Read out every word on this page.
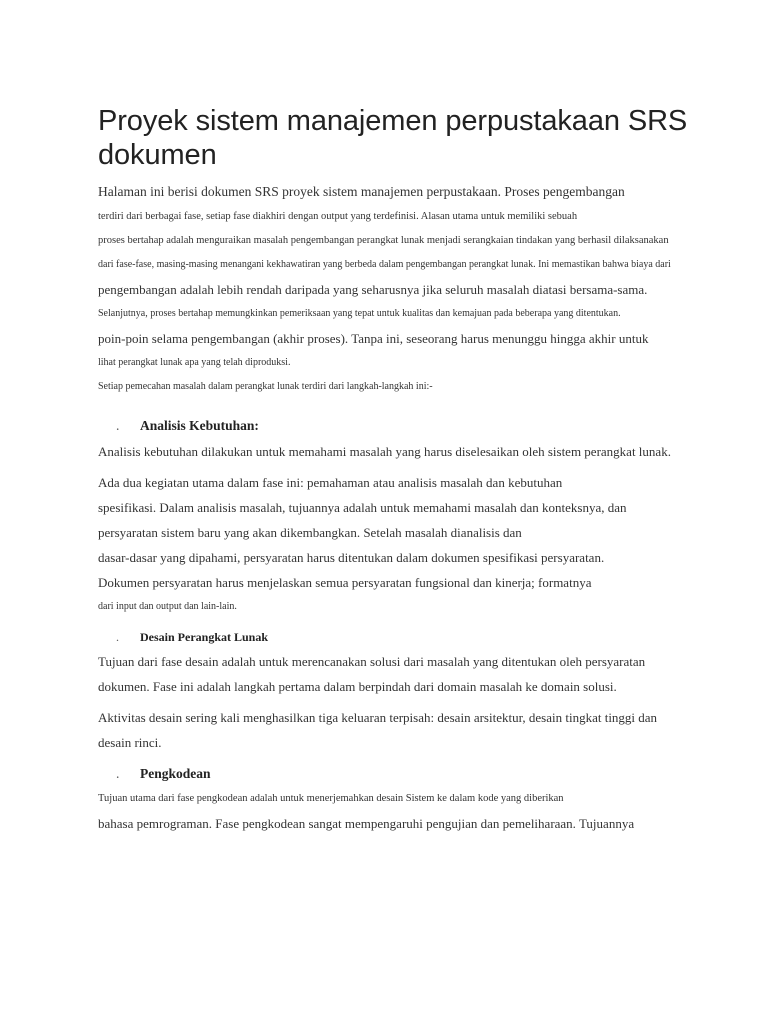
Proyek sistem manajemen perpustakaan SRS
dokumen

Halaman ini berisi dokumen SRS proyek sistem manajemen perpustakaan. Proses pengembangan

terdiri dari berbagai fase, setiap fase diakhiri dengan output yang terdefinisi. Alasan utama untuk memiliki sebuah

proses bertahap adalah menguraikan masalah pengembangan perangkat lunak menjadi serangkaian tindakan yang berhasil dilaksanakan

dari fase-fase, masing-masing menangani kekhawatiran yang berbeda dalam pengembangan perangkat lunak. Ini memastikan bahwa biaya dari

pengembangan adalah lebih rendah daripada yang seharusnya jika seluruh masalah diatasi bersama-sama.

Selanjutnya, proses bertahap memungkinkan pemeriksaan yang tepat untuk kualitas dan kemajuan pada beberapa yang ditentukan.

poin-poin selama pengembangan (akhir proses). Tanpa ini, seseorang harus menunggu hingga akhir untuk

lihat perangkat lunak apa yang telah diproduksi.

Setiap pemecahan masalah dalam perangkat lunak terdiri dari langkah-langkah ini:-

. Analisis Kebutuhan:

Analisis kebutuhan dilakukan untuk memahami masalah yang harus diselesaikan oleh sistem perangkat lunak.

Ada dua kegiatan utama dalam fase ini: pemahaman atau analisis masalah dan kebutuhan

spesifikasi. Dalam analisis masalah, tujuannya adalah untuk memahami masalah dan konteksnya, dan

persyaratan sistem baru yang akan dikembangkan. Setelah masalah dianalisis dan

dasar-dasar yang dipahami, persyaratan harus ditentukan dalam dokumen spesifikasi persyaratan.

Dokumen persyaratan harus menjelaskan semua persyaratan fungsional dan kinerja; formatnya

dari input dan output dan lain-lain.

. Desain Perangkat Lunak

Tujuan dari fase desain adalah untuk merencanakan solusi dari masalah yang ditentukan oleh persyaratan

dokumen. Fase ini adalah langkah pertama dalam berpindah dari domain masalah ke domain solusi.

Aktivitas desain sering kali menghasilkan tiga keluaran terpisah: desain arsitektur, desain tingkat tinggi dan

desain rinci.

. Pengkodean

Tujuan utama dari fase pengkodean adalah untuk menerjemahkan desain Sistem ke dalam kode yang diberikan

bahasa pemrograman. Fase pengkodean sangat mempengaruhi pengujian dan pemeliharaan. Tujuannya
